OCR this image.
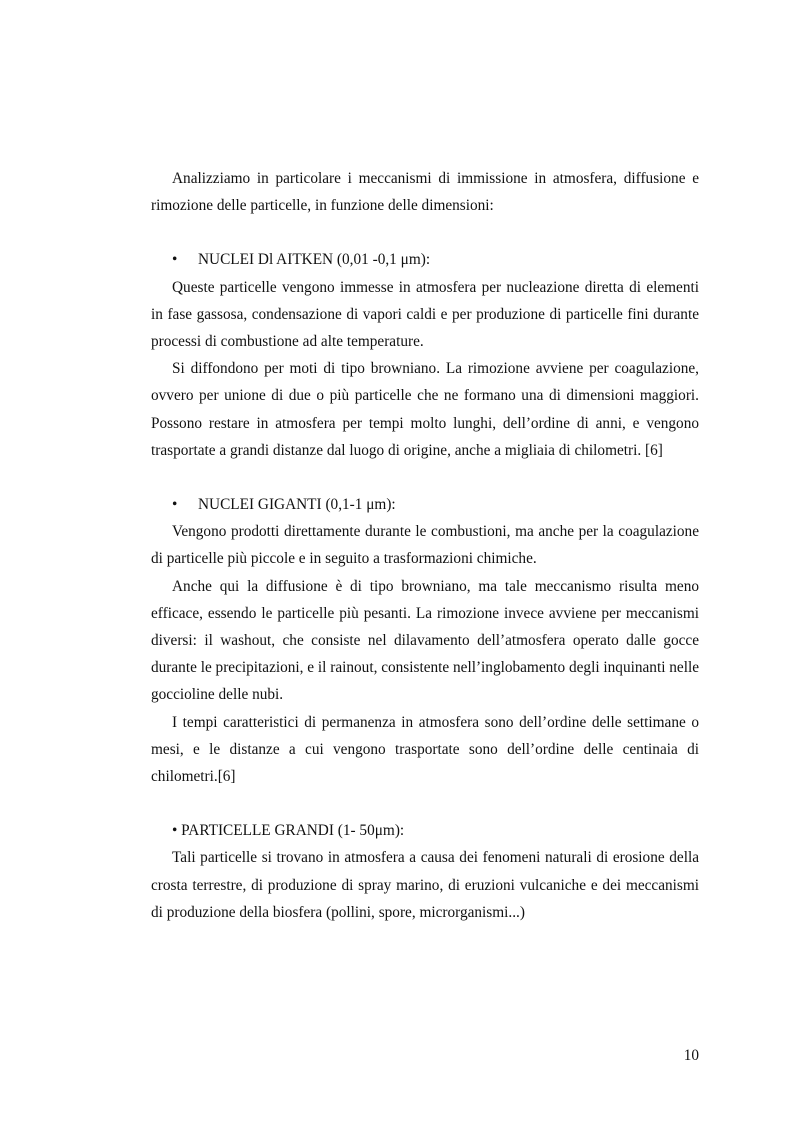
Analizziamo in particolare i meccanismi di immissione in atmosfera, diffusione e rimozione delle particelle, in funzione delle dimensioni:

• NUCLEI Dl AITKEN (0,01 -0,1 μm):

Queste particelle vengono immesse in atmosfera per nucleazione diretta di elementi in fase gassosa, condensazione di vapori caldi e per produzione di particelle fini durante processi di combustione ad alte temperature.

Si diffondono per moti di tipo browniano. La rimozione avviene per coagulazione, ovvero per unione di due o più particelle che ne formano una di dimensioni maggiori. Possono restare in atmosfera per tempi molto lunghi, dell’ordine di anni, e vengono trasportate a grandi distanze dal luogo di origine, anche a migliaia di chilometri. [6]

• NUCLEI GIGANTI (0,1-1 μm):

Vengono prodotti direttamente durante le combustioni, ma anche per la coagulazione di particelle più piccole e in seguito a trasformazioni chimiche.

Anche qui la diffusione è di tipo browniano, ma tale meccanismo risulta meno efficace, essendo le particelle più pesanti. La rimozione invece avviene per meccanismi diversi: il washout, che consiste nel dilavamento dell’atmosfera operato dalle gocce durante le precipitazioni, e il rainout, consistente nell’inglobamento degli inquinanti nelle goccioline delle nubi.

I tempi caratteristici di permanenza in atmosfera sono dell’ordine delle settimane o mesi, e le distanze a cui vengono trasportate sono dell’ordine delle centinaia di chilometri.[6]

• PARTICELLE GRANDI (1- 50μm):

Tali particelle si trovano in atmosfera a causa dei fenomeni naturali di erosione della crosta terrestre, di produzione di spray marino, di eruzioni vulcaniche e dei meccanismi di produzione della biosfera (pollini, spore, microrganismi...)

10
